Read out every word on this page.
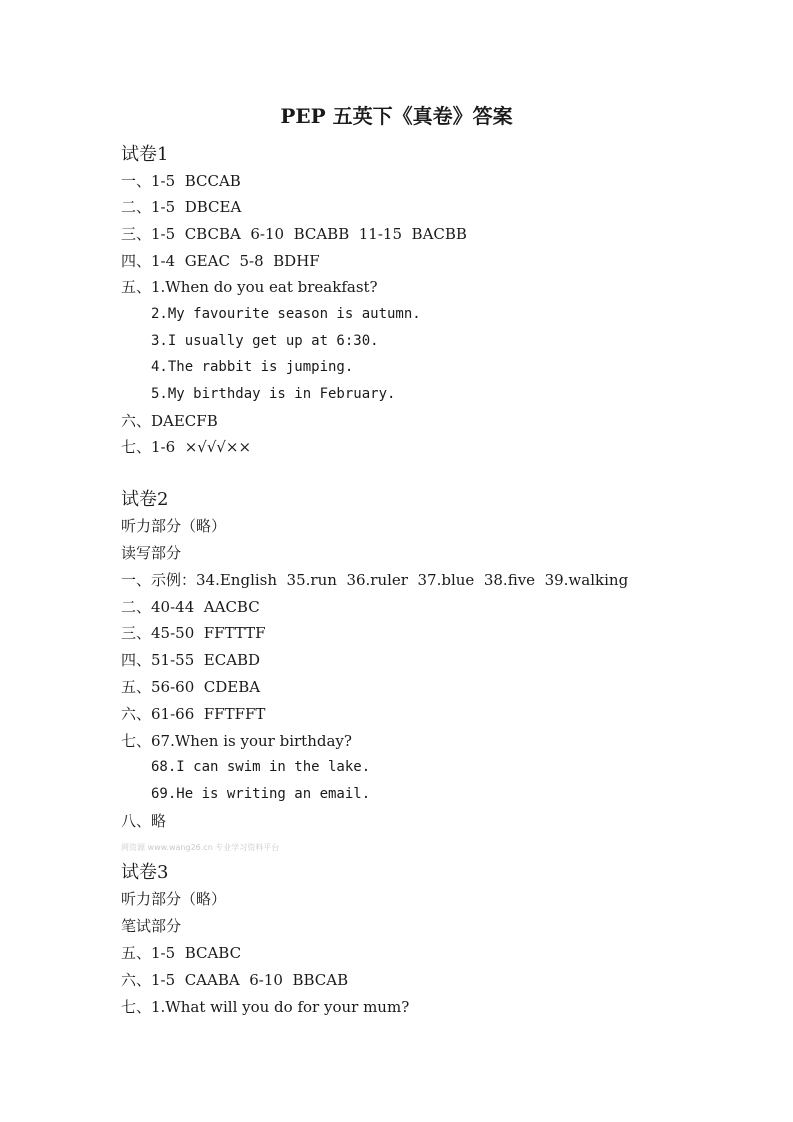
PEP 五英下《真卷》答案
试卷1
一、1-5  BCCAB
二、1-5  DBCEA
三、1-5  CBCBA  6-10  BCABB  11-15  BACBB
四、1-4  GEAC  5-8  BDHF
五、1.When do you eat breakfast?
2.My favourite season is autumn.
3.I usually get up at 6:30.
4.The rabbit is jumping.
5.My birthday is in February.
六、DAECFB
七、1-6  ×√√√××
试卷2
听力部分（略）
读写部分
一、示例：34.English  35.run  36.ruler  37.blue  38.five  39.walking
二、40-44  AACBC
三、45-50  FFTTTF
四、51-55  ECABD
五、56-60  CDEBA
六、61-66  FFTFFT
七、67.When is your birthday?
68.I can swim in the lake.
69.He is writing an email.
八、略
网资源 www.wang26.cn 专业学习资料平台
试卷3
听力部分（略）
笔试部分
五、1-5  BCABC
六、1-5  CAABA  6-10  BBCAB
七、1.What will you do for your mum?
